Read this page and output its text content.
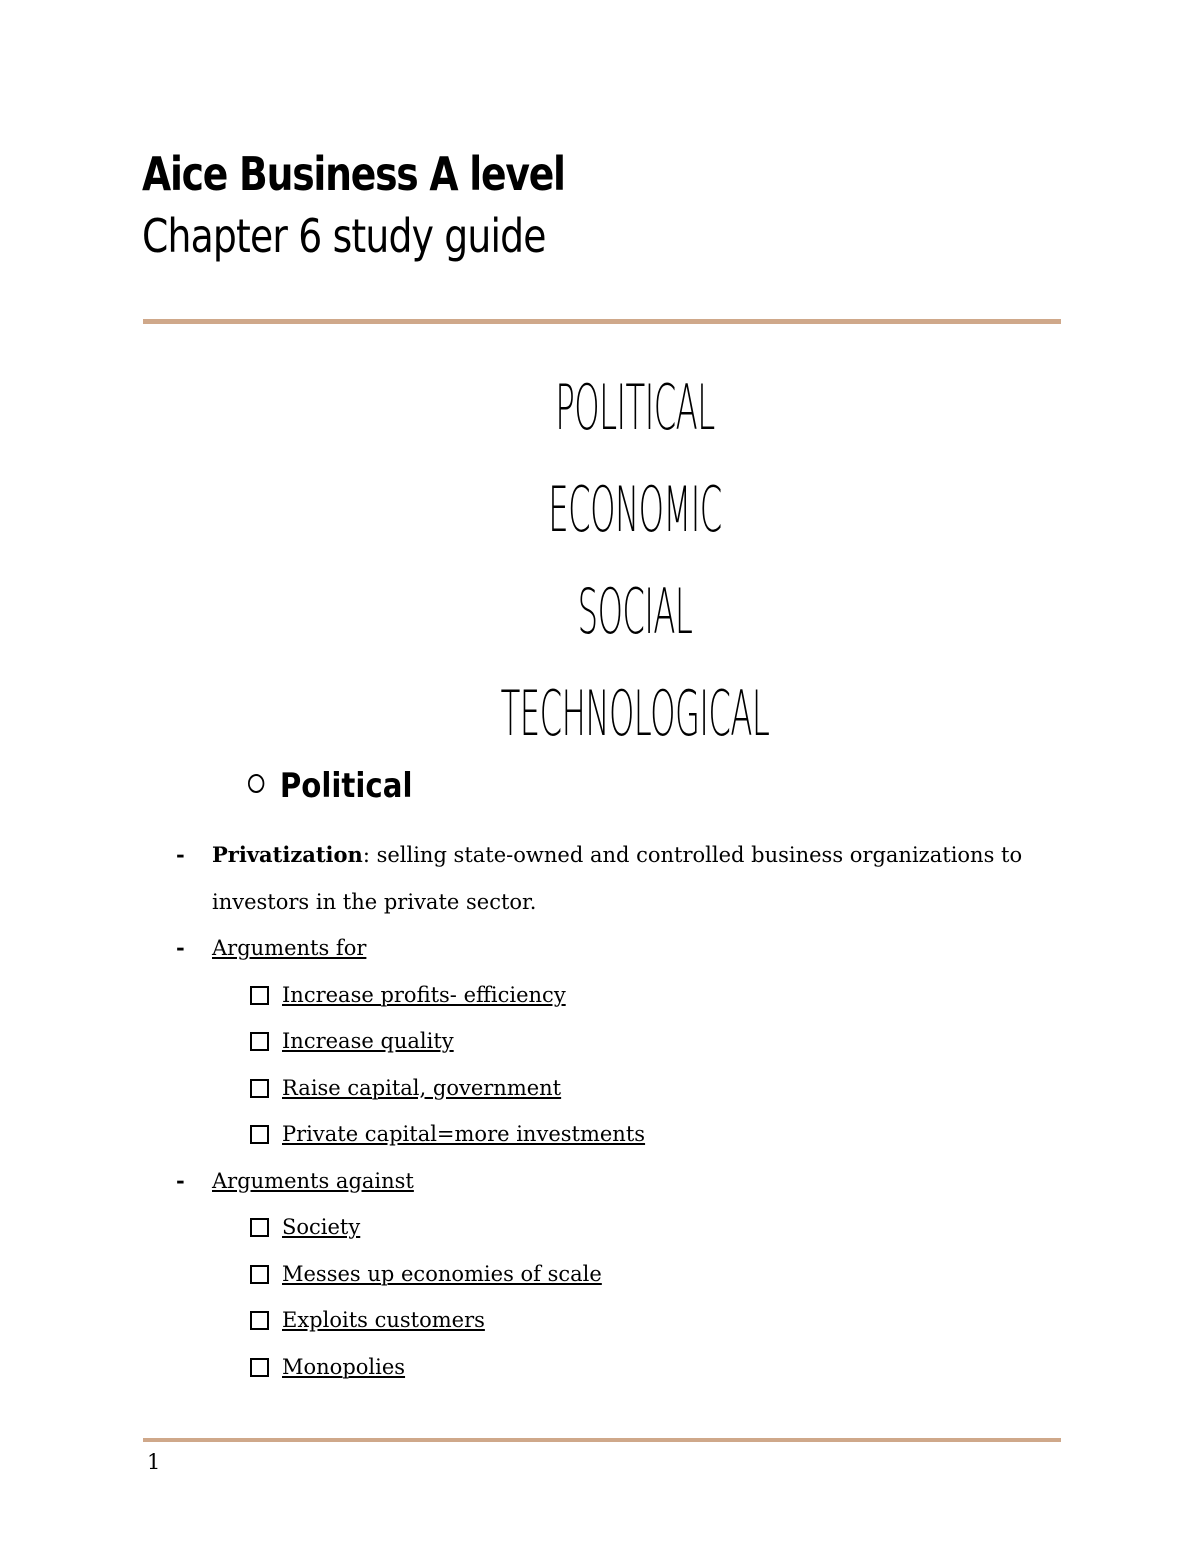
Aice Business A level
Chapter 6 study guide
POLITICAL
ECONOMIC
SOCIAL
TECHNOLOGICAL
Political
- Privatization: selling state-owned and controlled business organizations to investors in the private sector.
- Arguments for
Increase profits- efficiency
Increase quality
Raise capital, government
Private capital=more investments
- Arguments against
Society
Messes up economies of scale
Exploits customers
Monopolies
1
